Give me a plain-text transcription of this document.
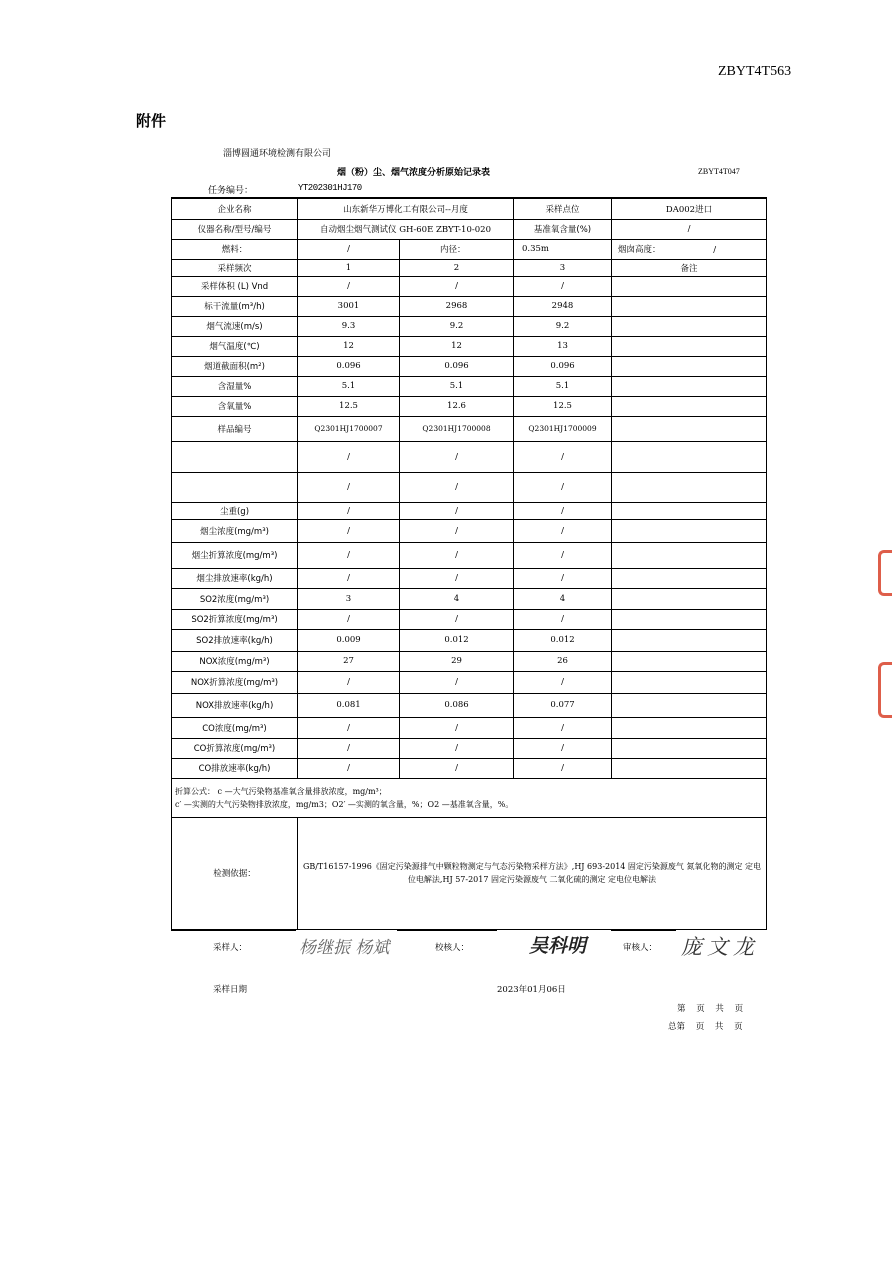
ZBYT4T563
附件
淄博圆通环境检测有限公司
烟（粉）尘、烟气浓度分析原始记录表	ZBYT4T047
任务编号：	YT202301HJ170
企业名称	山东新华万博化工有限公司--月度		采样点位	DA002进口
仪器名称/型号/编号	自动烟尘烟气测试仪 GH-60E ZBYT-10-020		基准氧含量(%)	/
燃料：	/	内径：	0.35m	烟囱高度： /
采样频次	1	2	3	备注
采样体积 (L) Vnd	/	/	/	
标干流量(m³/h)	3001	2968	2948	
烟气流速(m/s)	9.3	9.2	9.2	
烟气温度(℃)	12	12	13	
烟道截面积(m²)	0.096	0.096	0.096	
含湿量%	5.1	5.1	5.1	
含氧量%	12.5	12.6	12.5	
样品编号	Q2301HJ1700007	Q2301HJ1700008	Q2301HJ1700009	
	/	/	/	
	/	/	/	
尘重(g)	/	/	/	
烟尘浓度(mg/m³)	/	/	/	
烟尘折算浓度(mg/m³)	/	/	/	
烟尘排放速率(kg/h)	/	/	/	
SO2浓度(mg/m³)	3	4	4	
SO2折算浓度(mg/m³)	/	/	/	
SO2排放速率(kg/h)	0.009	0.012	0.012	
NOX浓度(mg/m³)	27	29	26	
NOX折算浓度(mg/m³)	/	/	/	
NOX排放速率(kg/h)	0.081	0.086	0.077	
CO浓度(mg/m³)	/	/	/	
CO折算浓度(mg/m³)	/	/	/	
CO排放速率(kg/h)	/	/	/	

折算公式： c —大气污染物基准氧含量排放浓度，mg/m³；
c′ —实测的大气污染物排放浓度，mg/m3；O2′ —实测的氧含量，%；O2 —基准氧含量，%。				

检测依据：	GB/T16157-1996《固定污染源排气中颗粒物测定与气态污染物采样方法》,HJ 693-2014 固定污染源废气 氮氧化物的测定 定电位电解法,HJ 57-2017 固定污染源废气 二氧化硫的测定 定电位电解法			
采样人：	杨继振 杨斌	校核人：	吴科明	审核人： 庞文龙
采样日期	2023年01月06日
第 页 共 页
总第 页 共 页
